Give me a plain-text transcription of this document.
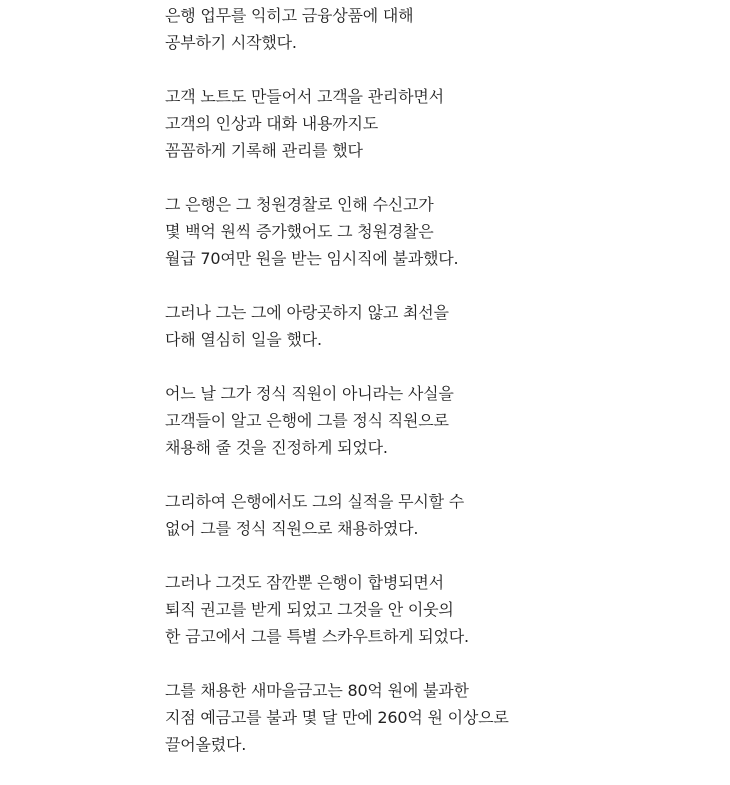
은행 업무를 익히고 금융상품에 대해
공부하기 시작했다.

고객 노트도 만들어서 고객을 관리하면서
고객의 인상과 대화 내용까지도
꼼꼼하게 기록해 관리를 했다

그 은행은 그 청원경찰로 인해 수신고가
몇 백억 원씩 증가했어도 그 청원경찰은
월급 70여만 원을 받는 임시직에 불과했다.

그러나 그는 그에 아랑곳하지 않고 최선을
다해 열심히 일을 했다.

어느 날 그가 정식 직원이 아니라는 사실을
고객들이 알고 은행에 그를 정식 직원으로
채용해 줄 것을 진정하게 되었다.

그리하여 은행에서도 그의 실적을 무시할 수
없어 그를 정식 직원으로 채용하였다.

그러나 그것도 잠깐뿐 은행이 합병되면서
퇴직 권고를 받게 되었고 그것을 안 이웃의
한 금고에서 그를 특별 스카우트하게 되었다.

그를 채용한 새마을금고는 80억 원에 불과한
지점 예금고를 불과 몇 달 만에 260억 원 이상으로
끌어올렸다.
